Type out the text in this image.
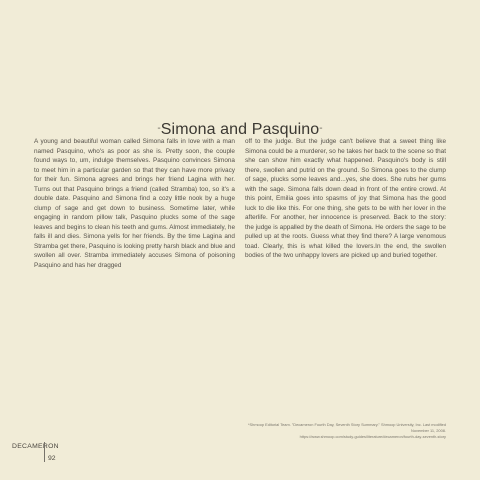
-Simona and Pasquino-

A young and beautiful woman called Simona falls in love with a man named Pasquino, who's as poor as she is. Pretty soon, the couple found ways to, um, indulge themselves. Pasquino convinces Simona to meet him in a particular garden so that they can have more privacy for their fun. Simona agrees and brings her friend Lagina with her. Turns out that Pasquino brings a friend (called Stramba) too, so it's a double date. Pasquino and Simona find a cozy little nook by a huge clump of sage and get down to business. Sometime later, while engaging in random pillow talk, Pasquino plucks some of the sage leaves and begins to clean his teeth and gums. Almost immediately, he falls ill and dies. Simona yells for her friends. By the time Lagina and Stramba get there, Pasquino is looking pretty harsh black and blue and swollen all over. Stramba immediately accuses Simona of poisoning Pasquino and has her dragged

off to the judge. But the judge can't believe that a sweet thing like Simona could be a murderer, so he takes her back to the scene so that she can show him exactly what happened. Pasquino's body is still there, swollen and putrid on the ground. So Simona goes to the clump of sage, plucks some leaves and...yes, she does. She rubs her gums with the sage. Simona falls down dead in front of the entire crowd. At this point, Emilia goes into spasms of joy that Simona has the good luck to die like this. For one thing, she gets to be with her lover in the afterlife. For another, her innocence is preserved. Back to the story: the judge is appalled by the death of Simona. He orders the sage to be pulled up at the roots. Guess what they find there? A large venomous toad. Clearly, this is what killed the lovers.In the end, the swollen bodies of the two unhappy lovers are picked up and buried together.

*Shmoop Editorial Team. "Decameron Fourth Day, Seventh Story Summary." Shmoop University, Inc. Last modified November 11, 2008.
https://www.shmoop.com/study-guides/literature/decameron/fourth-day-seventh-story
DECAMERON
92
